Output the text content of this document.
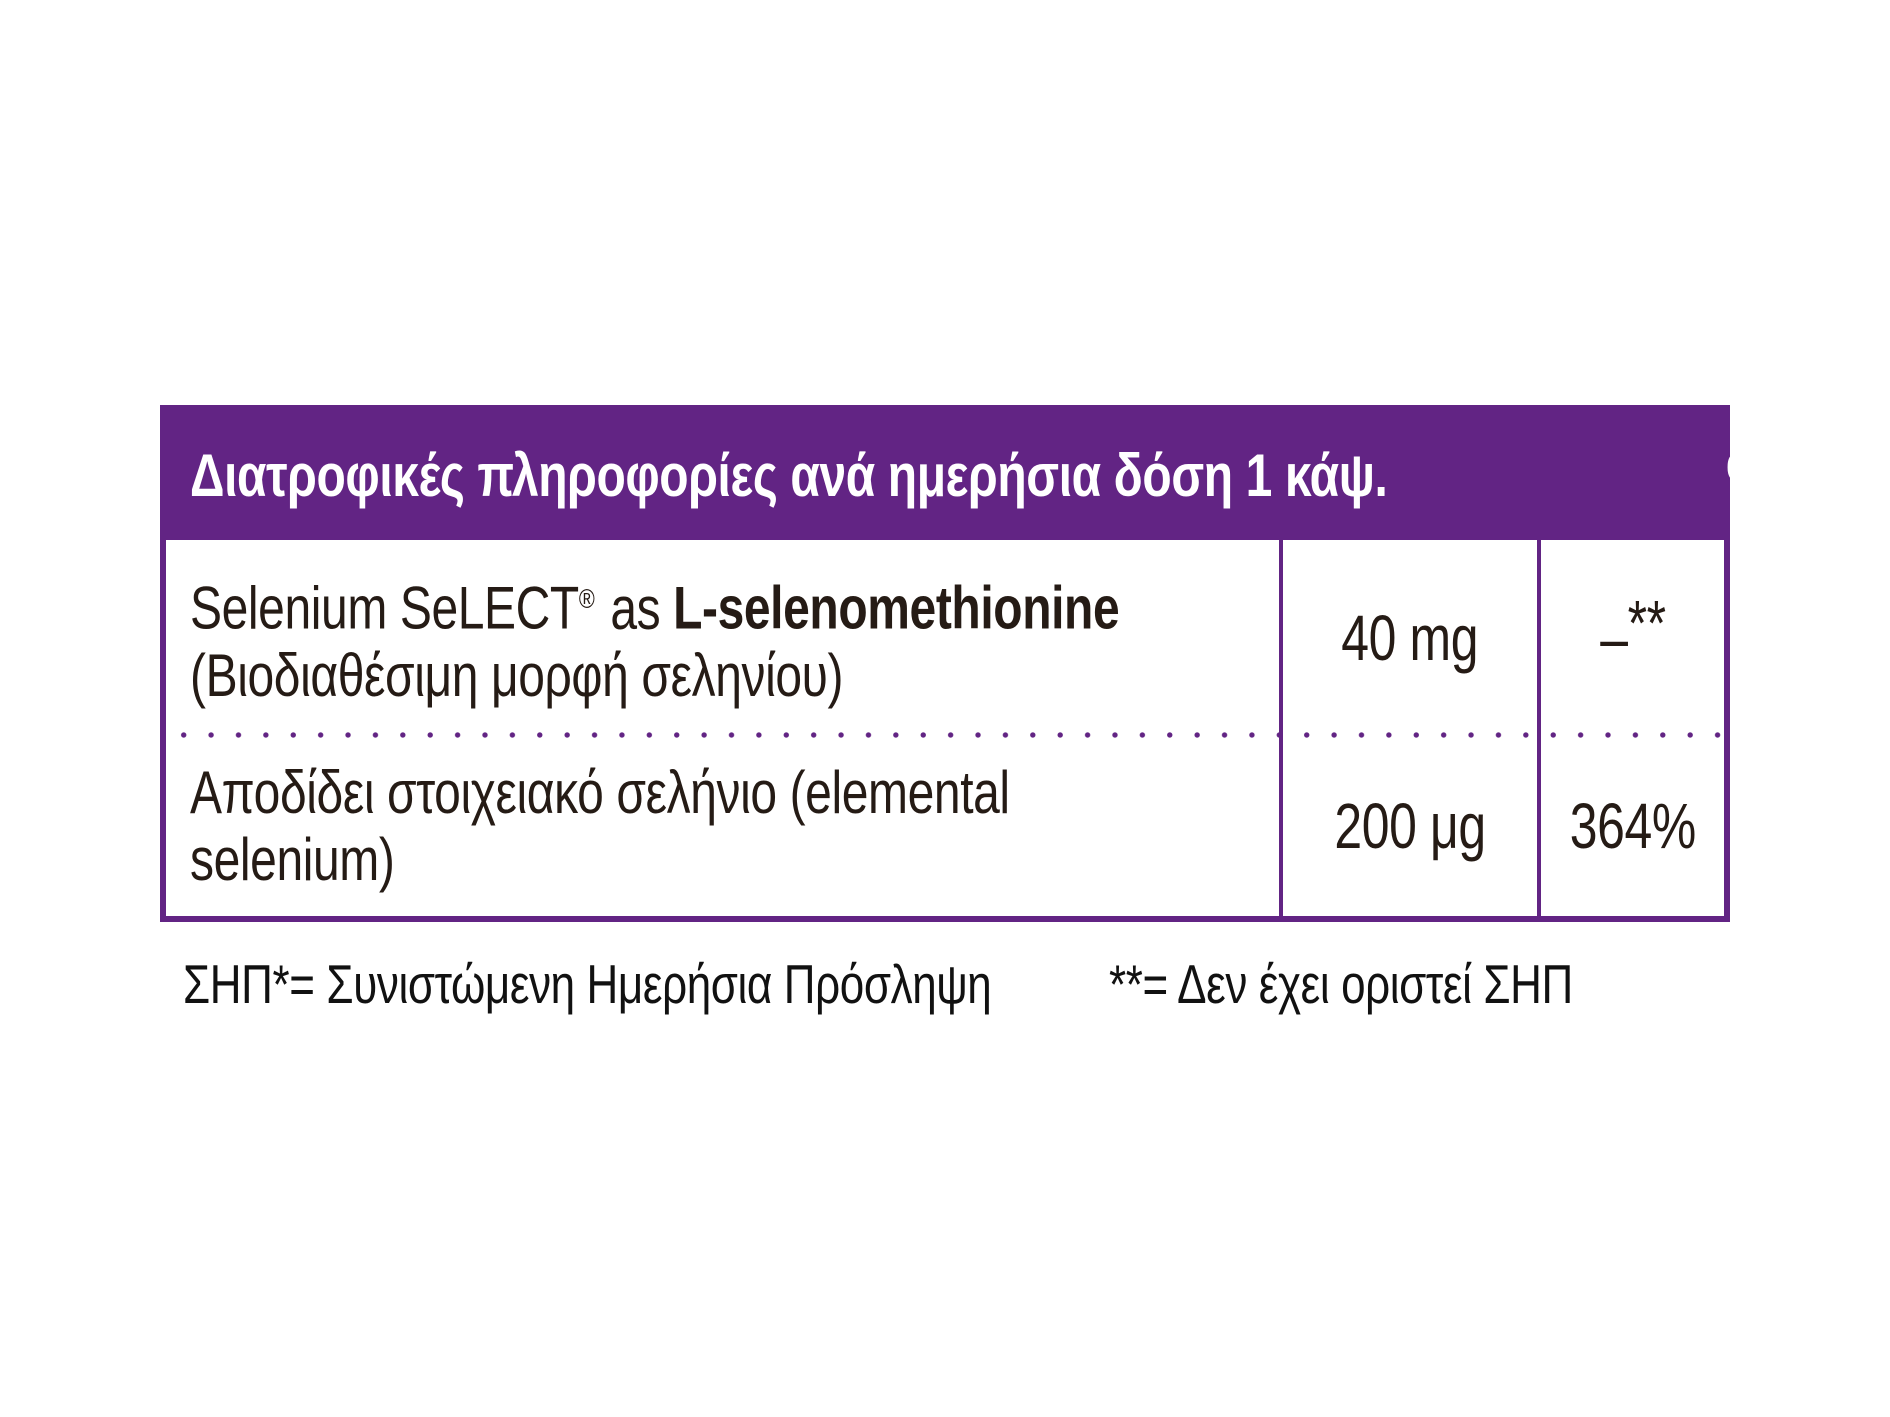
Διατροφικές πληροφορίες ανά ημερήσια δόση 1 κάψ.	%ΣΗΠ*
Selenium SeLECT® as L-selenomethionine
(Βιοδιαθέσιμη μορφή σεληνίου)
Αποδίδει στοιχειακό σελήνιο (elemental
selenium)
40 mg
200 μg
–**
364%
ΣΗΠ*= Συνιστώμενη Ημερήσια Πρόσληψη **= Δεν έχει οριστεί ΣΗΠ
